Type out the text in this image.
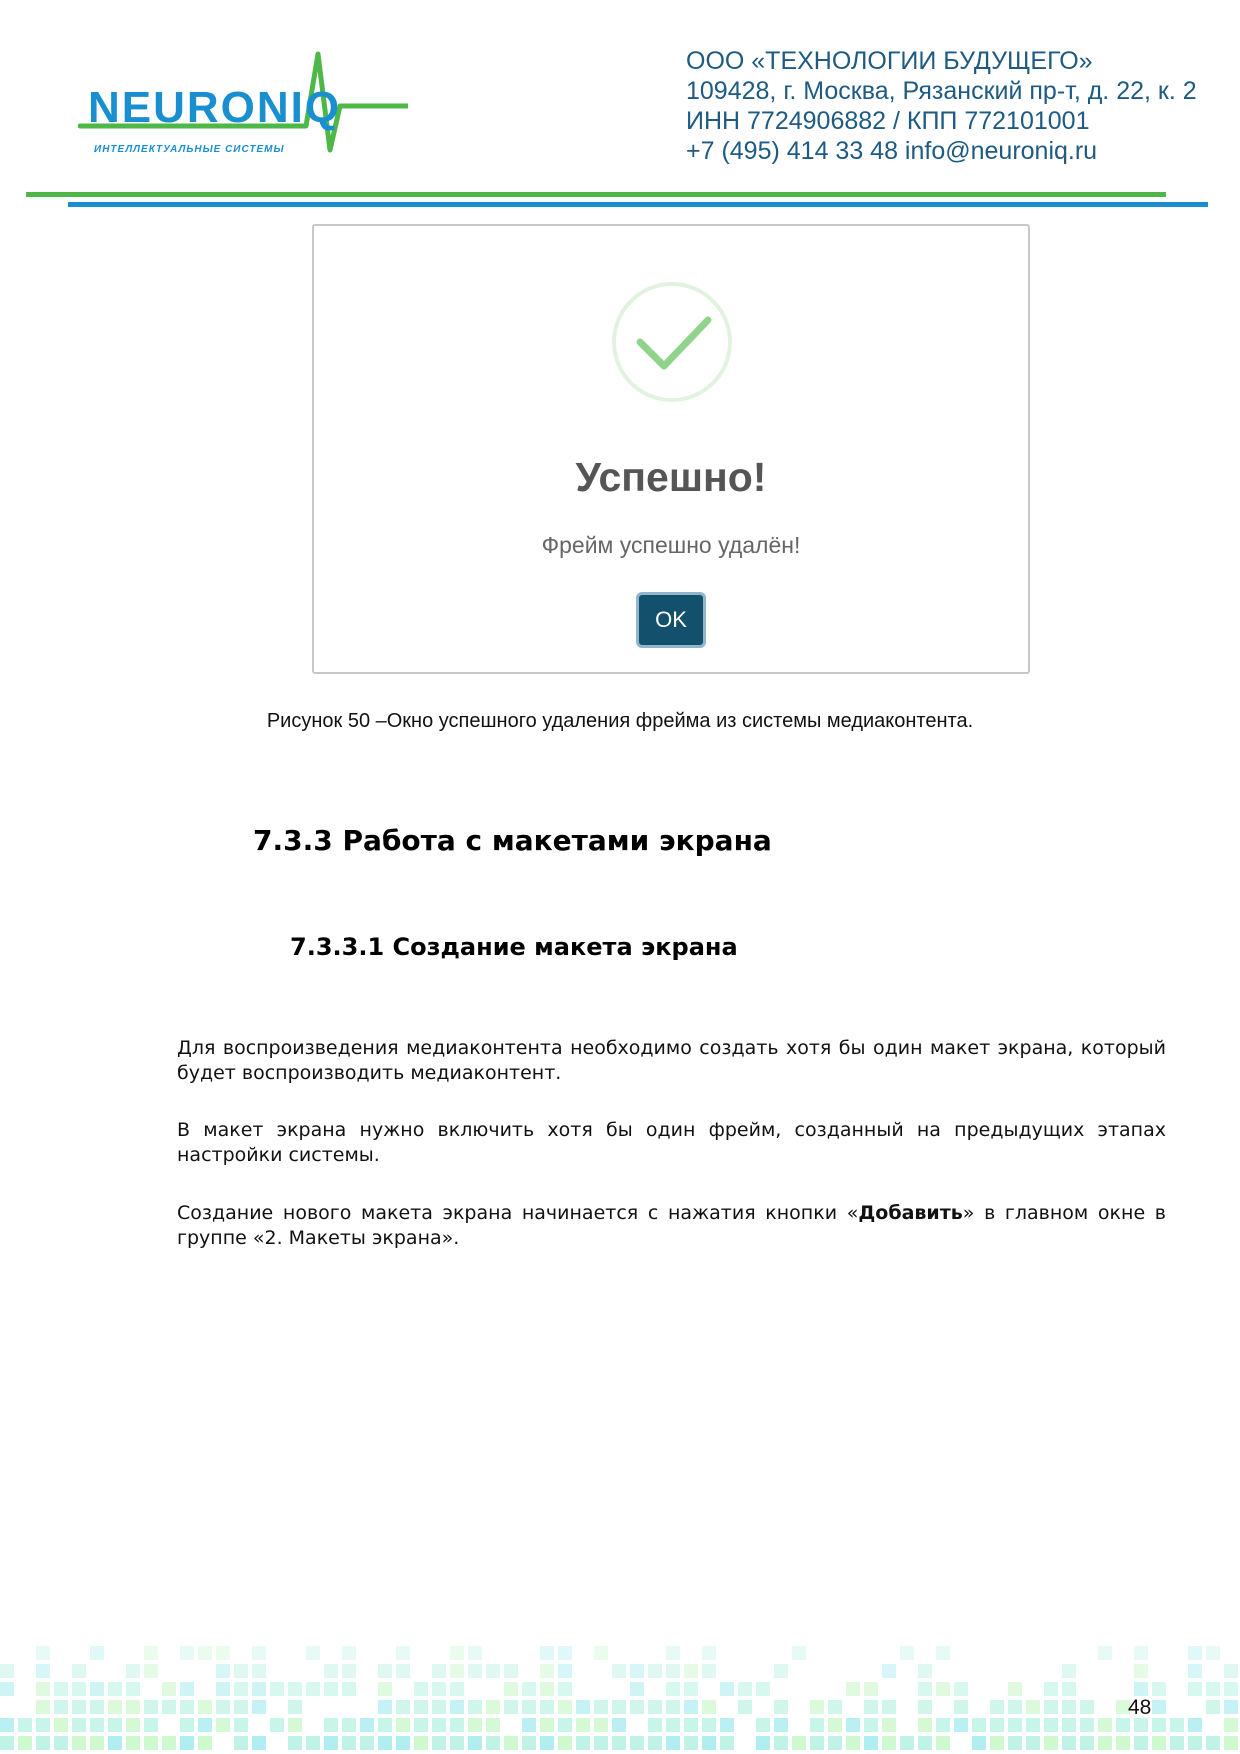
NEURONIQ
ИНТЕЛЛЕКТУАЛЬНЫЕ СИСТЕМЫ
ООО «ТЕХНОЛОГИИ БУДУЩЕГО»
109428, г. Москва, Рязанский пр-т, д. 22, к. 2
ИНН 7724906882 / КПП 772101001
+7 (495) 414 33 48 info@neuroniq.ru
Успешно!
Фрейм успешно удалён!
OK
Рисунок 50 –Окно успешного удаления фрейма из системы медиаконтента.
7.3.3 Работа с макетами экрана
7.3.3.1 Создание макета экрана
Для воспроизведения медиаконтента необходимо создать хотя бы один макет экрана, который будет воспроизводить медиаконтент.
В макет экрана нужно включить хотя бы один фрейм, созданный на предыдущих этапах настройки системы.
Создание нового макета экрана начинается с нажатия кнопки «Добавить» в главном окне в группе «2. Макеты экрана».
48
